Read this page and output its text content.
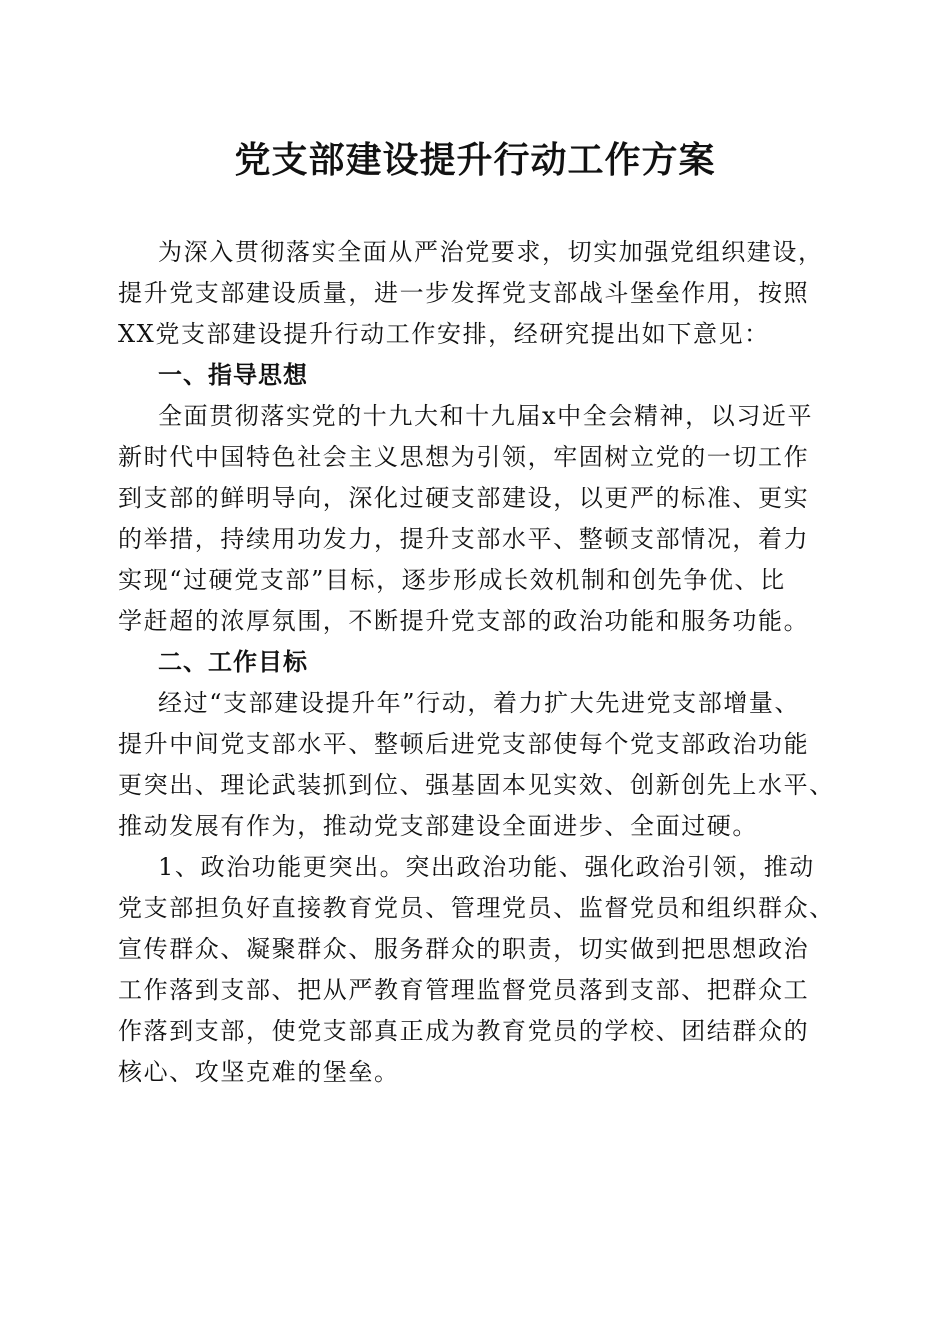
党支部建设提升行动工作方案
为深入贯彻落实全面从严治党要求，切实加强党组织建设，
提升党支部建设质量，进一步发挥党支部战斗堡垒作用，按照
XX党支部建设提升行动工作安排，经研究提出如下意见：
一、指导思想
全面贯彻落实党的十九大和十九届x中全会精神，以习近平
新时代中国特色社会主义思想为引领，牢固树立党的一切工作
到支部的鲜明导向，深化过硬支部建设，以更严的标准、更实
的举措，持续用功发力，提升支部水平、整顿支部情况，着力
实现“过硬党支部”目标，逐步形成长效机制和创先争优、比
学赶超的浓厚氛围，不断提升党支部的政治功能和服务功能。
二、工作目标
经过“支部建设提升年”行动，着力扩大先进党支部增量、
提升中间党支部水平、整顿后进党支部使每个党支部政治功能
更突出、理论武装抓到位、强基固本见实效、创新创先上水平、
推动发展有作为，推动党支部建设全面进步、全面过硬。
1、政治功能更突出。突出政治功能、强化政治引领，推动
党支部担负好直接教育党员、管理党员、监督党员和组织群众、
宣传群众、凝聚群众、服务群众的职责，切实做到把思想政治
工作落到支部、把从严教育管理监督党员落到支部、把群众工
作落到支部，使党支部真正成为教育党员的学校、团结群众的
核心、攻坚克难的堡垒。
